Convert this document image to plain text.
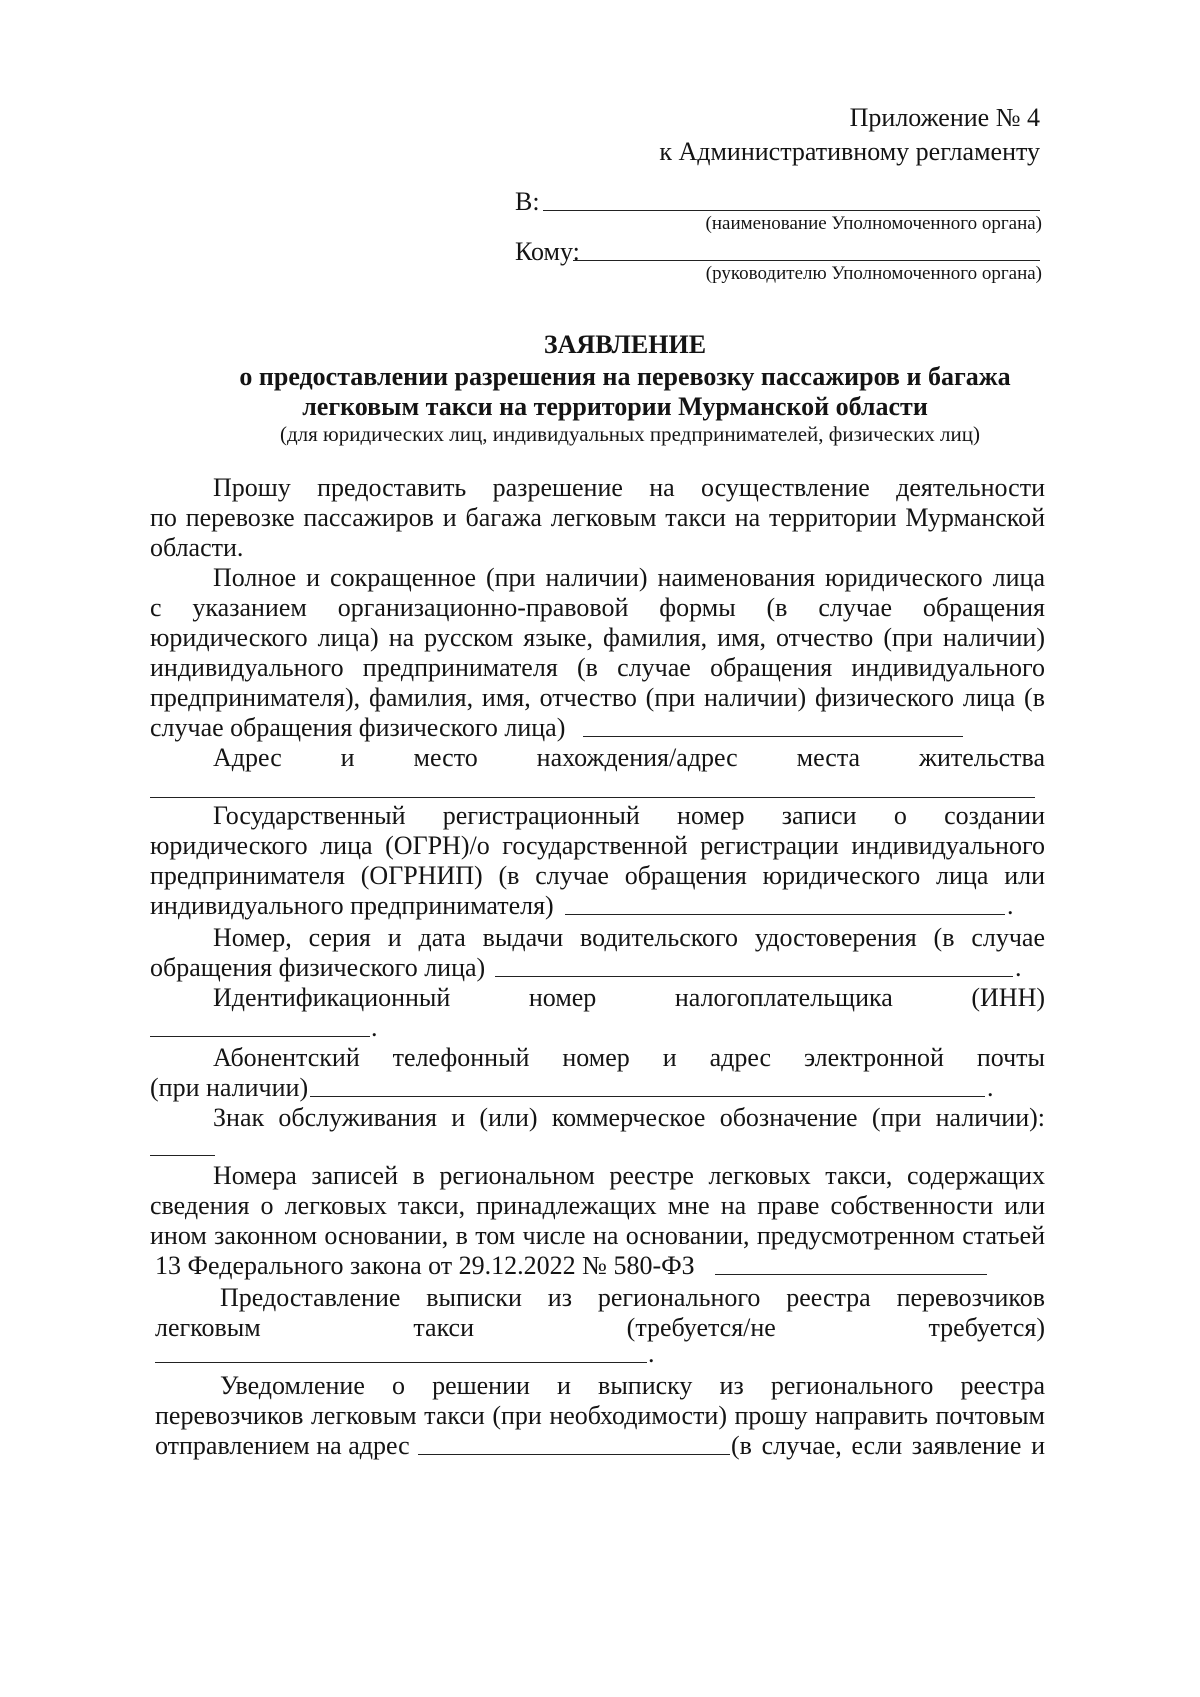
Приложение № 4
к Административному регламенту
В:
(наименование Уполномоченного органа)
Кому:
(руководителю Уполномоченного органа)
ЗАЯВЛЕНИЕ
о предоставлении разрешения на перевозку пассажиров и багажа
легковым такси на территории Мурманской области
(для юридических лиц, индивидуальных предпринимателей, физических лиц)
Прошу предоставить разрешение на осуществление деятельности
по перевозке пассажиров и багажа легковым такси на территории Мурманской
области.
Полное и сокращенное (при наличии) наименования юридического лица
с указанием организационно-правовой формы (в случае обращения
юридического лица) на русском языке, фамилия, имя, отчество (при наличии)
индивидуального предпринимателя (в случае обращения индивидуального
предпринимателя), фамилия, имя, отчество (при наличии) физического лица (в
случае обращения физического лица)
Адрес и место нахождения/адрес места жительства
Государственный регистрационный номер записи о создании
юридического лица (ОГРН)/о государственной регистрации индивидуального
предпринимателя (ОГРНИП) (в случае обращения юридического лица или
индивидуального предпринимателя)	.
Номер, серия и дата выдачи водительского удостоверения (в случае
обращения физического лица)	.
Идентификационный номер налогоплательщика (ИНН)
.
Абонентский телефонный номер и адрес электронной почты
(при наличии)	.
Знак обслуживания и (или) коммерческое обозначение (при наличии):
Номера записей в региональном реестре легковых такси, содержащих
сведения о легковых такси, принадлежащих мне на праве собственности или
ином законном основании, в том числе на основании, предусмотренном статьей
13 Федерального закона от 29.12.2022 № 580-ФЗ
Предоставление выписки из регионального реестра перевозчиков
легковым такси (требуется/не требуется)
.
Уведомление о решении и выписку из регионального реестра
перевозчиков легковым такси (при необходимости) прошу направить почтовым
отправлением на адрес	(в случае, если заявление и
